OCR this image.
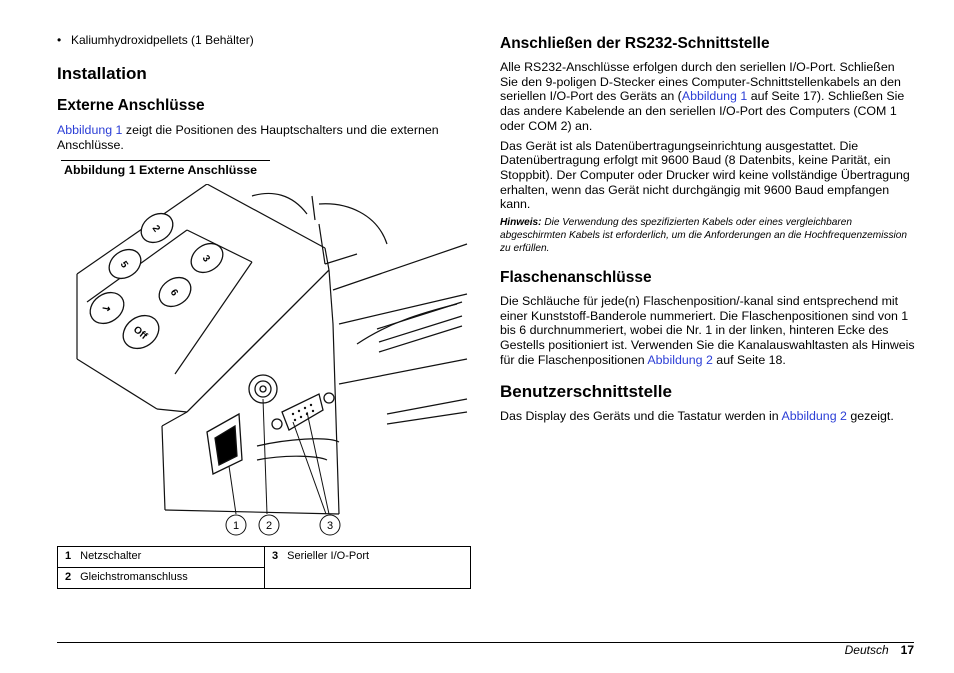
• Kaliumhydroxidpellets (1 Behälter)
Installation
Externe Anschlüsse

Abbildung 1 zeigt die Positionen des Hauptschalters und die externen Anschlüsse.

Abbildung 1 Externe Anschlüsse
2
3
5
6
↗
Off
1 2	3
1 Netzschalter	3 Serieller I/O-Port
2 Gleichstromanschluss
Anschließen der RS232-Schnittstelle

Alle RS232-Anschlüsse erfolgen durch den seriellen I/O-Port. Schließen Sie den 9-poligen D-Stecker eines Computer-Schnittstellenkabels an den seriellen I/O-Port des Geräts an (Abbildung 1 auf Seite 17). Schließen Sie das andere Kabelende an den seriellen I/O-Port des Computers (COM 1 oder COM 2) an.

Das Gerät ist als Datenübertragungseinrichtung ausgestattet. Die Datenübertragung erfolgt mit 9600 Baud (8 Datenbits, keine Parität, ein Stoppbit). Der Computer oder Drucker wird keine vollständige Übertragung erhalten, wenn das Gerät nicht durchgängig mit 9600 Baud empfangen kann.

Hinweis: Die Verwendung des spezifizierten Kabels oder eines vergleichbaren abgeschirmten Kabels ist erforderlich, um die Anforderungen an die Hochfrequenzemission zu erfüllen.

Flaschenanschlüsse

Die Schläuche für jede(n) Flaschenposition/-kanal sind entsprechend mit einer Kunststoff-Banderole nummeriert. Die Flaschenpositionen sind von 1 bis 6 durchnummeriert, wobei die Nr. 1 in der linken, hinteren Ecke des Gestells positioniert ist. Verwenden Sie die Kanalauswahltasten als Hinweis für die Flaschenpositionen Abbildung 2 auf Seite 18.

Benutzerschnittstelle

Das Display des Geräts und die Tastatur werden in Abbildung 2 gezeigt.

Deutsch 17
